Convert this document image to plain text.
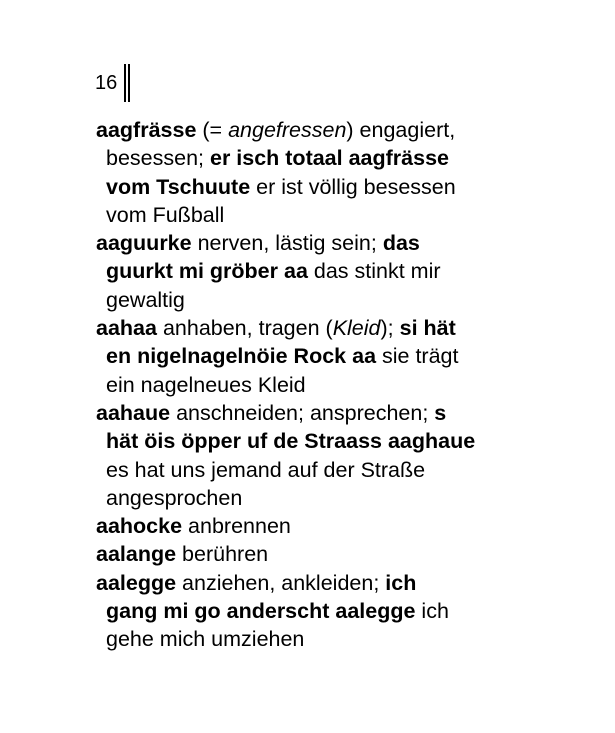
16
aagfrässe (= angefressen) engagiert,
besessen; er isch totaal aagfrässe
vom Tschuute er ist völlig besessen
vom Fußball
aaguurke nerven, lästig sein; das
guurkt mi gröber aa das stinkt mir
gewaltig
aahaa anhaben, tragen (Kleid); si hät
en nigelnagelnöie Rock aa sie trägt
ein nagelneues Kleid
aahaue anschneiden; ansprechen; s
hät öis öpper uf de Straass aaghaue
es hat uns jemand auf der Straße
angesprochen
aahocke anbrennen
aalange berühren
aalegge anziehen, ankleiden; ich
gang mi go anderscht aalegge ich
gehe mich umziehen
